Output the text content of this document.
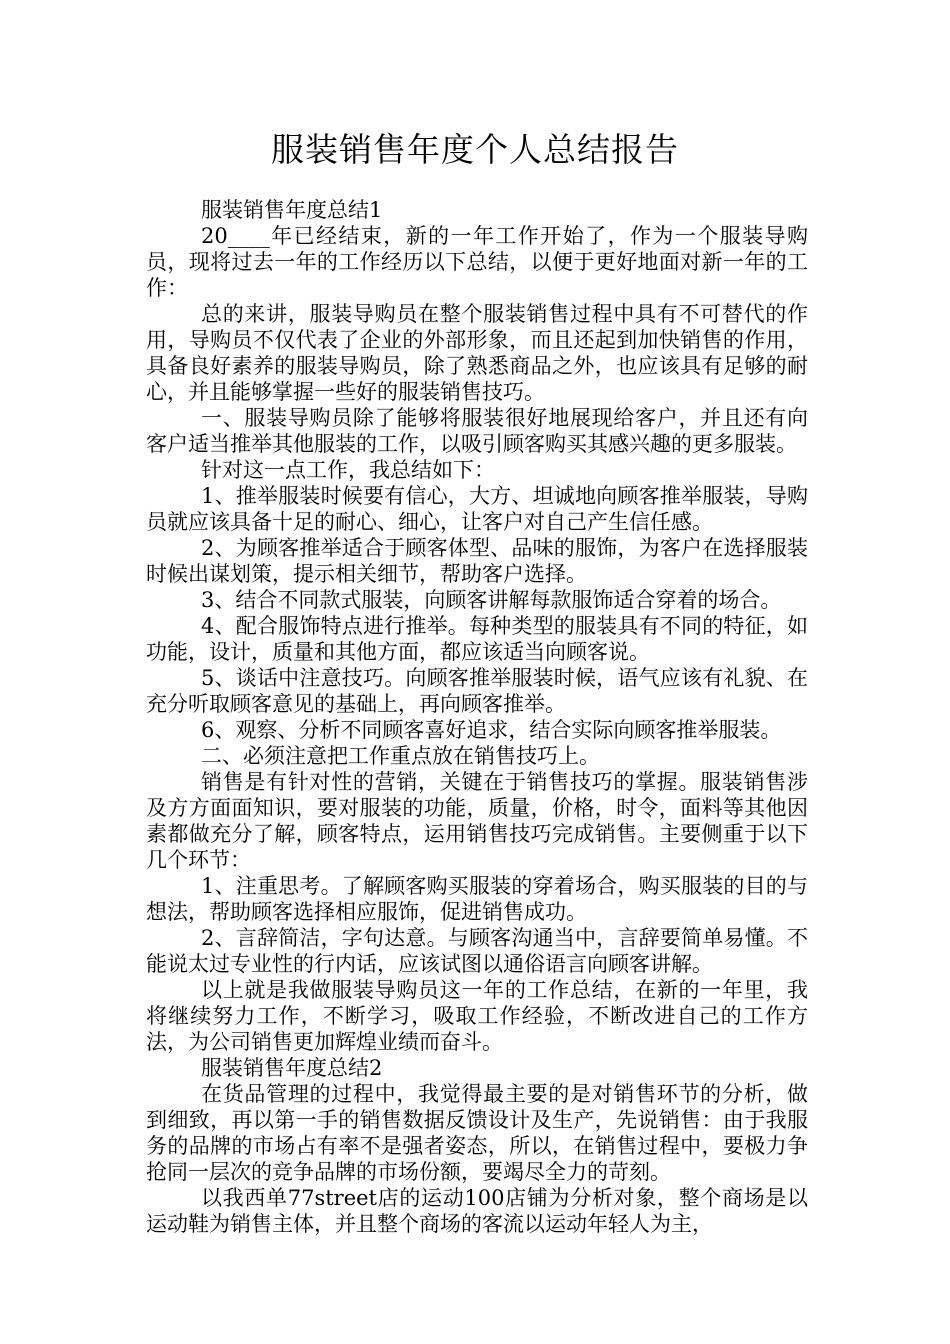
服装销售年度个人总结报告

服装销售年度总结1

20____年已经结束，新的一年工作开始了，作为一个服装导购员，现将过去一年的工作经历以下总结，以便于更好地面对新一年的工作：

总的来讲，服装导购员在整个服装销售过程中具有不可替代的作用，导购员不仅代表了企业的外部形象，而且还起到加快销售的作用，具备良好素养的服装导购员，除了熟悉商品之外，也应该具有足够的耐心，并且能够掌握一些好的服装销售技巧。

一、服装导购员除了能够将服装很好地展现给客户，并且还有向客户适当推举其他服装的工作，以吸引顾客购买其感兴趣的更多服装。

针对这一点工作，我总结如下：

1、推举服装时候要有信心，大方、坦诚地向顾客推举服装，导购员就应该具备十足的耐心、细心，让客户对自己产生信任感。

2、为顾客推举适合于顾客体型、品味的服饰，为客户在选择服装时候出谋划策，提示相关细节，帮助客户选择。

3、结合不同款式服装，向顾客讲解每款服饰适合穿着的场合。

4、配合服饰特点进行推举。每种类型的服装具有不同的特征，如功能，设计，质量和其他方面，都应该适当向顾客说。

5、谈话中注意技巧。向顾客推举服装时候，语气应该有礼貌、在充分听取顾客意见的基础上，再向顾客推举。

6、观察、分析不同顾客喜好追求，结合实际向顾客推举服装。

二、必须注意把工作重点放在销售技巧上。

销售是有针对性的营销，关键在于销售技巧的掌握。服装销售涉及方方面面知识，要对服装的功能，质量，价格，时令，面料等其他因素都做充分了解，顾客特点，运用销售技巧完成销售。主要侧重于以下几个环节：

1、注重思考。了解顾客购买服装的穿着场合，购买服装的目的与想法，帮助顾客选择相应服饰，促进销售成功。

2、言辞简洁，字句达意。与顾客沟通当中，言辞要简单易懂。不能说太过专业性的行内话，应该试图以通俗语言向顾客讲解。

以上就是我做服装导购员这一年的工作总结，在新的一年里，我将继续努力工作，不断学习，吸取工作经验，不断改进自己的工作方法，为公司销售更加辉煌业绩而奋斗。

服装销售年度总结2

在货品管理的过程中，我觉得最主要的是对销售环节的分析，做到细致，再以第一手的销售数据反馈设计及生产，先说销售：由于我服务的品牌的市场占有率不是强者姿态，所以，在销售过程中，要极力争抢同一层次的竞争品牌的市场份额，要竭尽全力的苛刻。

以我西单77street店的运动100店铺为分析对象，整个商场是以运动鞋为销售主体，并且整个商场的客流以运动年轻人为主，
